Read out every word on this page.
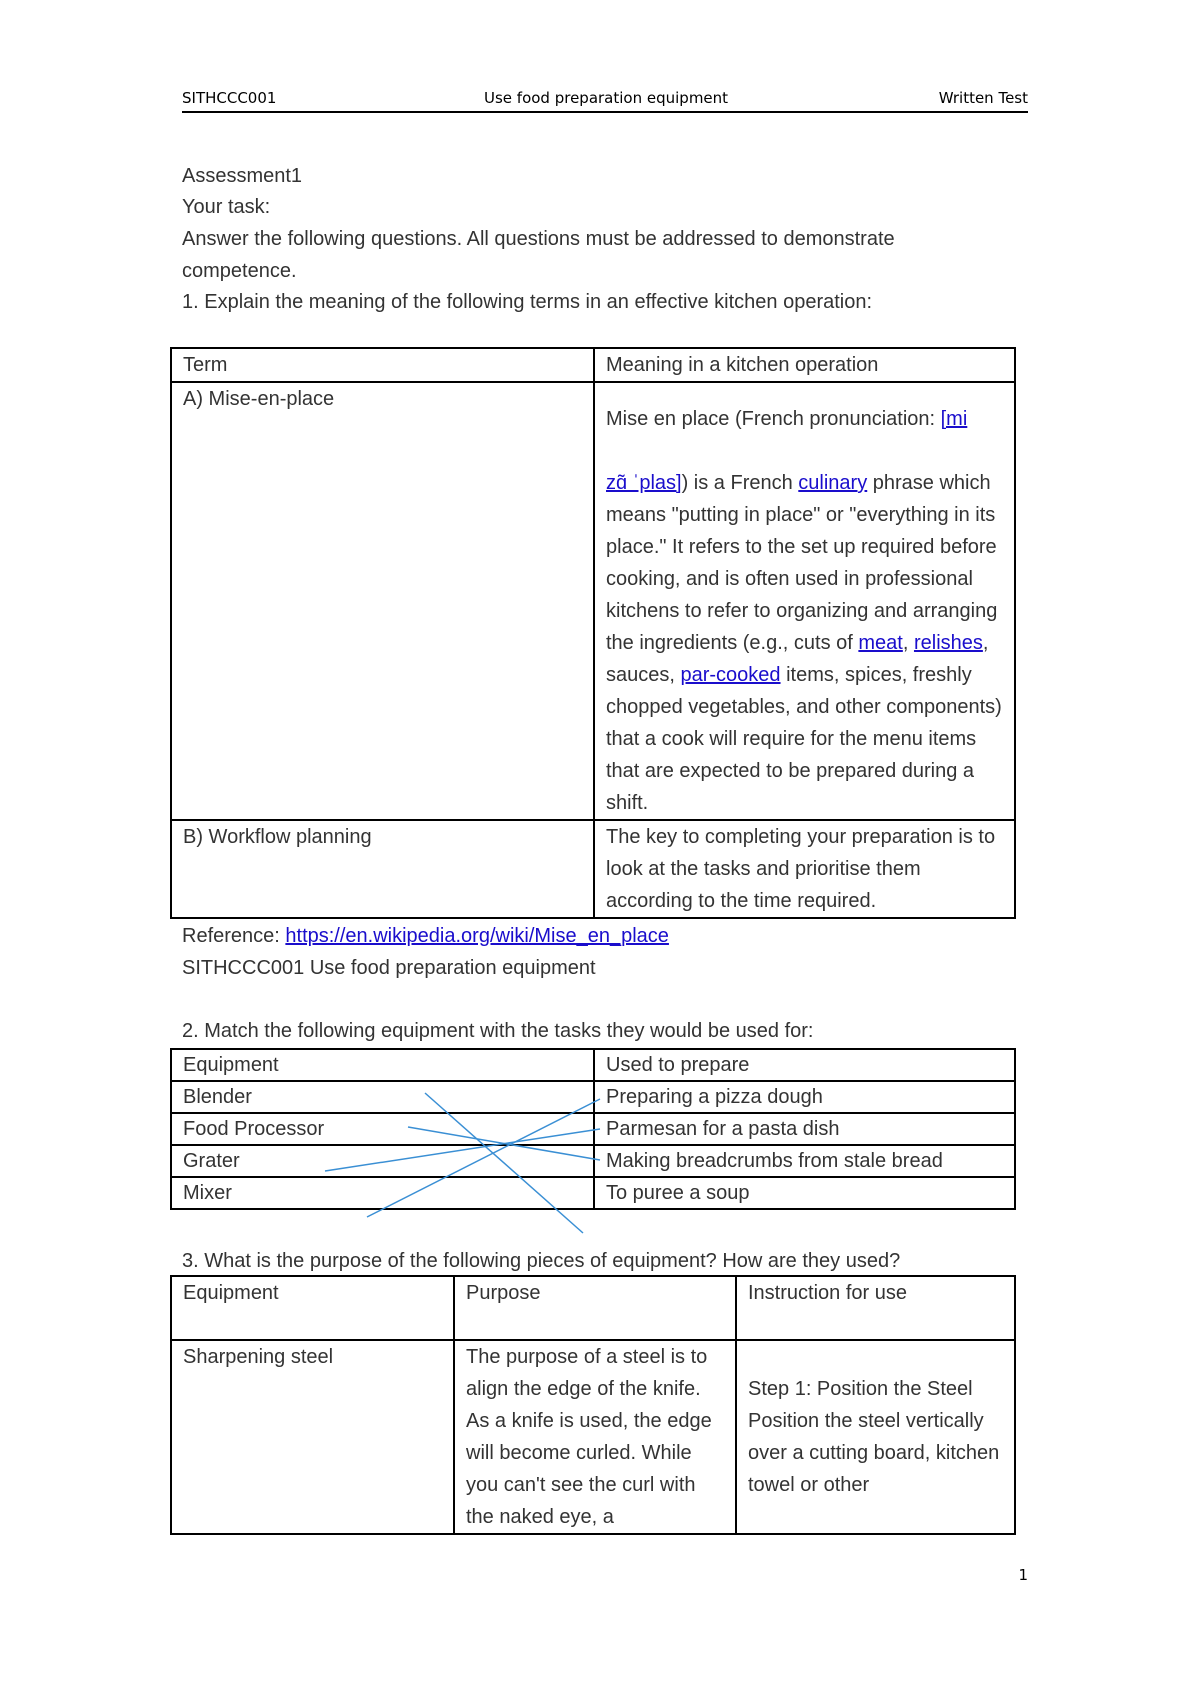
SITHCCC001	Use food preparation equipment	Written Test
Assessment1
Your task:
Answer the following questions. All questions must be addressed to demonstrate
competence.
1. Explain the meaning of the following terms in an effective kitchen operation:
Term	Meaning in a kitchen operation
A) Mise-en-place	Mise en place (French pronunciation: [mi

zɑ̃ ˈplas]) is a French culinary phrase which means "putting in place" or "everything in its place." It refers to the set up required before cooking, and is often used in professional kitchens to refer to organizing and arranging the ingredients (e.g., cuts of meat, relishes, sauces, par-cooked items, spices, freshly chopped vegetables, and other components) that a cook will require for the menu items that are expected to be prepared during a shift.
B) Workflow planning	The key to completing your preparation is to look at the tasks and prioritise them according to the time required.
Reference: https://en.wikipedia.org/wiki/Mise_en_place
SITHCCC001 Use food preparation equipment
2. Match the following equipment with the tasks they would be used for:
Equipment	Used to prepare
Blender	Preparing a pizza dough
Food Processor	Parmesan for a pasta dish
Grater	Making breadcrumbs from stale bread
Mixer	To puree a soup
3. What is the purpose of the following pieces of equipment? How are they used?
Equipment	Purpose	Instruction for use
Sharpening steel	The purpose of a steel is to align the edge of the knife. As a knife is used, the edge will become curled. While you can't see the curl with the naked eye, a	Step 1: Position the Steel
Position the steel vertically over a cutting board, kitchen towel or other
1
